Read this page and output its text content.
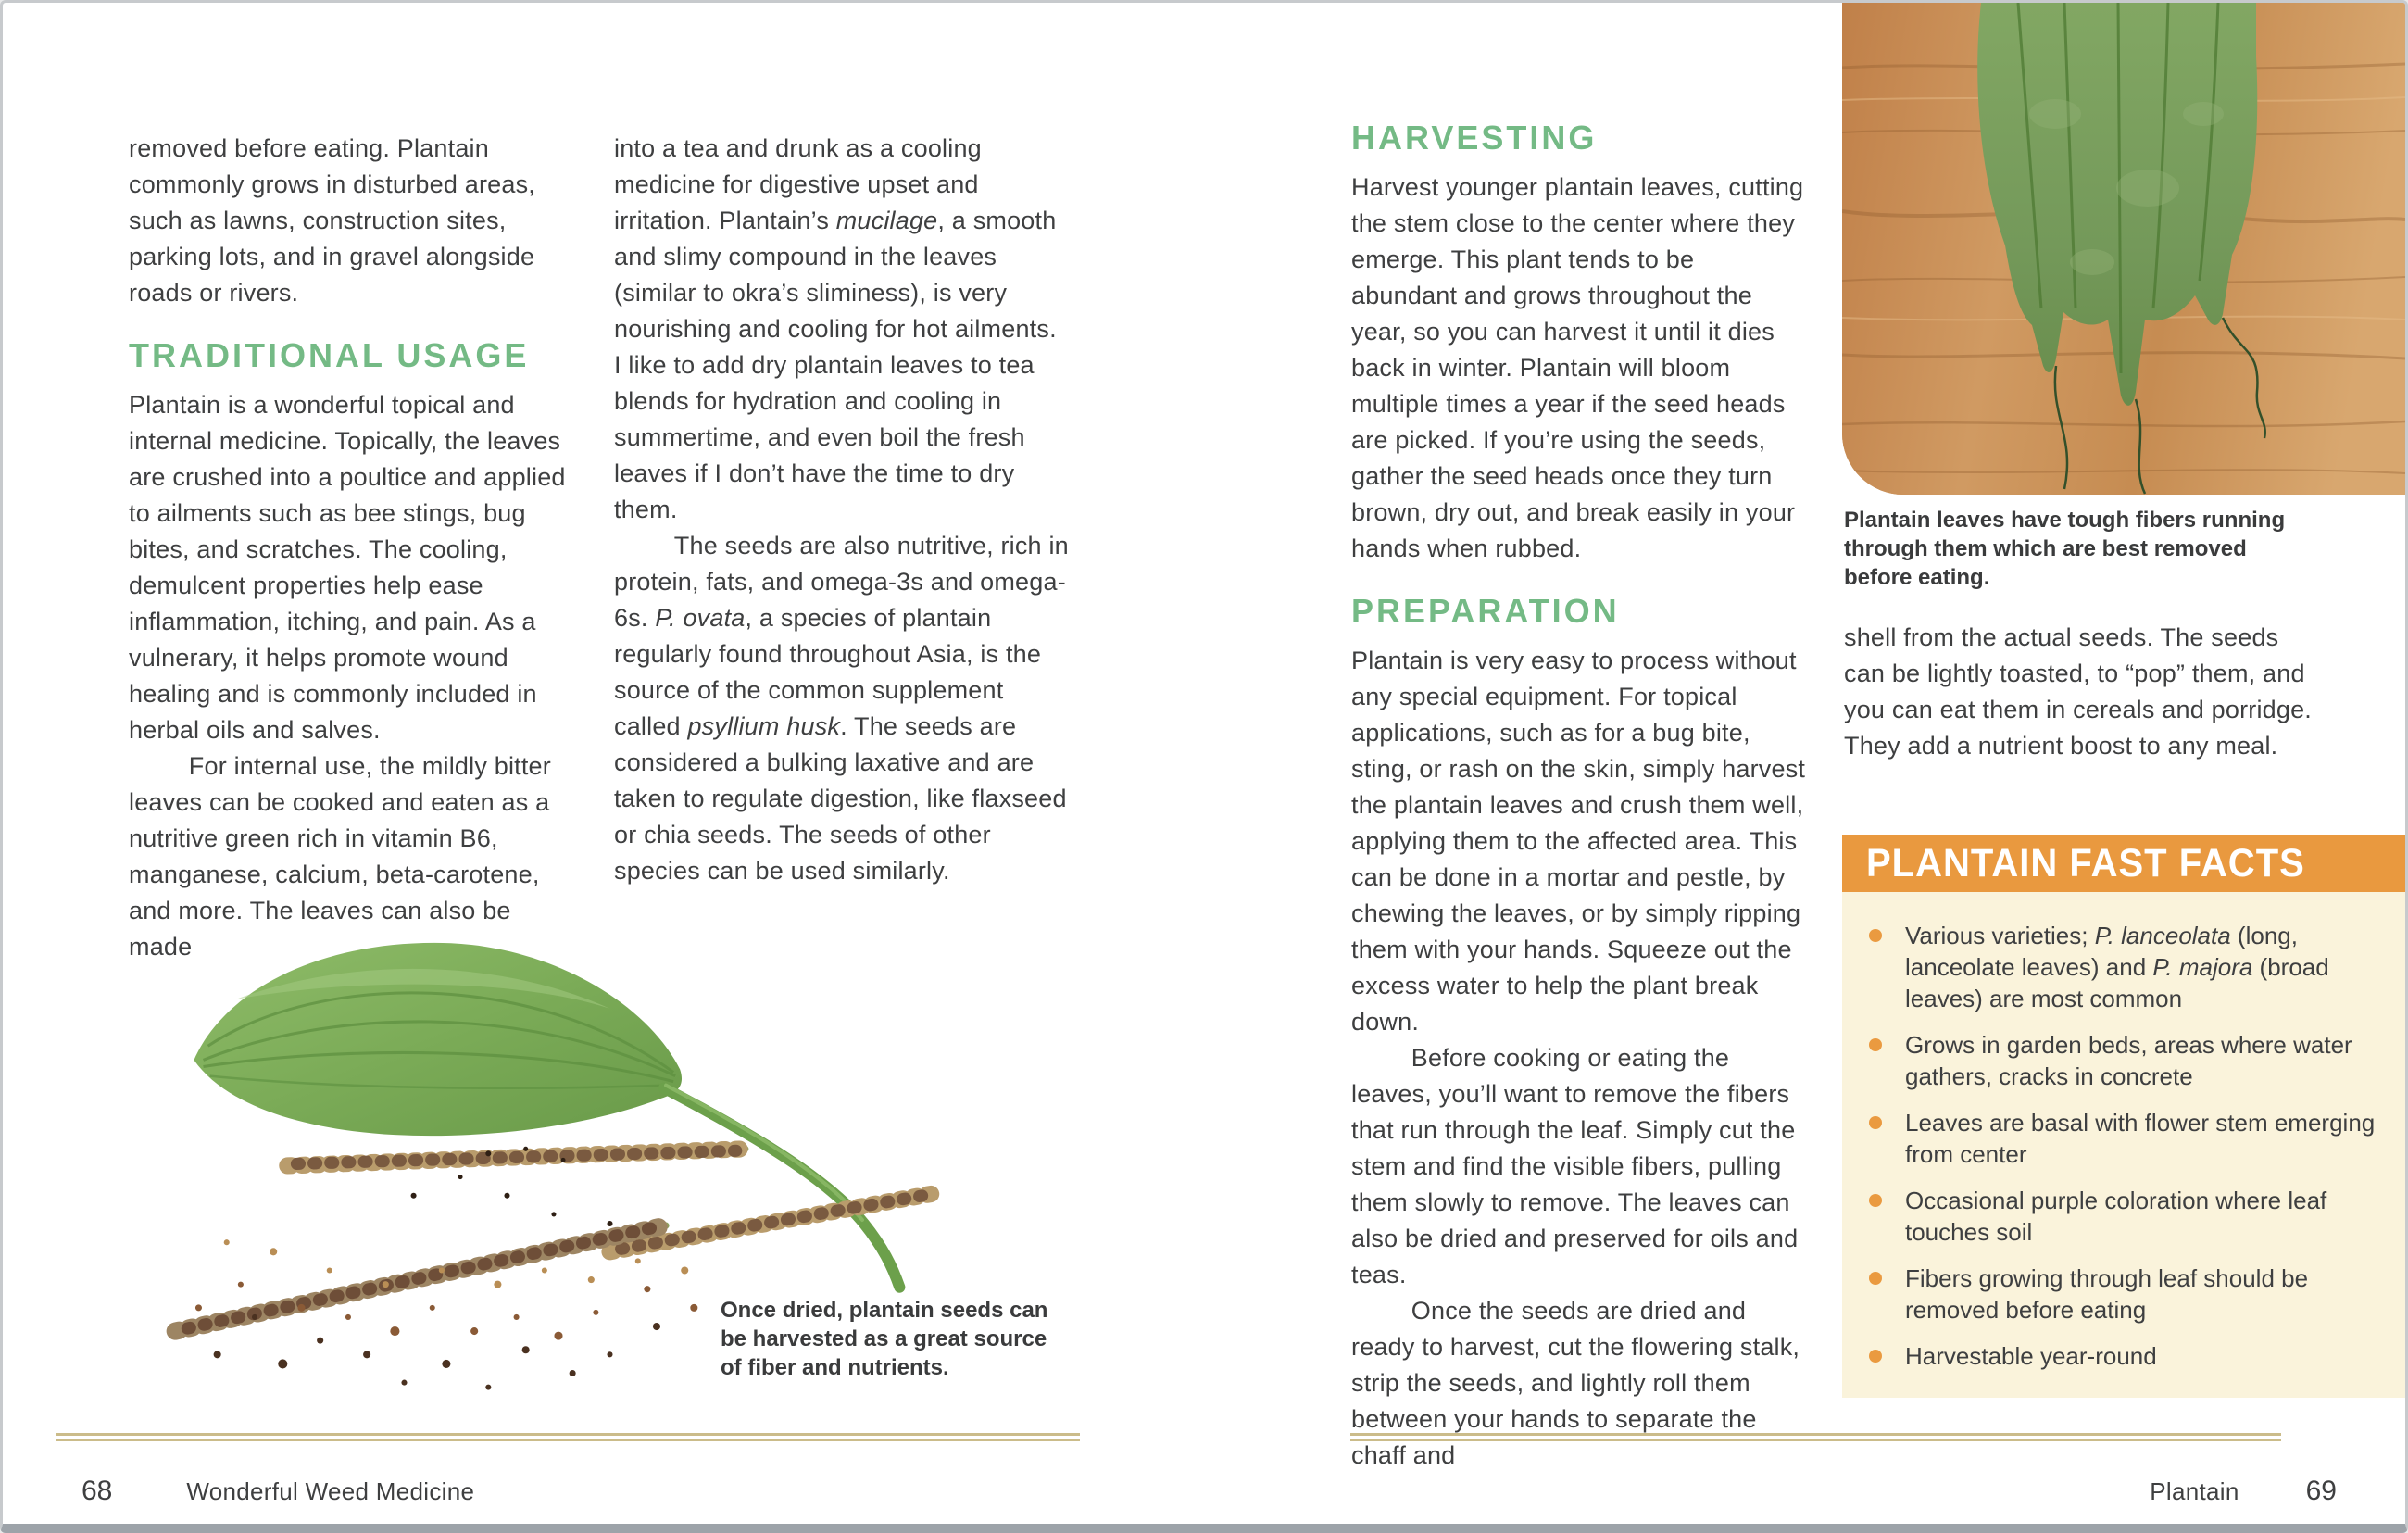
removed before eating. Plantain commonly grows in disturbed areas, such as lawns, construction sites, parking lots, and in gravel alongside roads or rivers.

TRADITIONAL USAGE

Plantain is a wonderful topical and internal medicine. Topically, the leaves are crushed into a poultice and applied to ailments such as bee stings, bug bites, and scratches. The cooling, demulcent properties help ease inflammation, itching, and pain. As a vulnerary, it helps promote wound healing and is commonly included in herbal oils and salves.

For internal use, the mildly bitter leaves can be cooked and eaten as a nutritive green rich in vitamin B6, manganese, calcium, beta-carotene, and more. The leaves can also be made

into a tea and drunk as a cooling medicine for digestive upset and irritation. Plantain’s mucilage, a smooth and slimy compound in the leaves (similar to okra’s sliminess), is very nourishing and cooling for hot ailments. I like to add dry plantain leaves to tea blends for hydration and cooling in summertime, and even boil the fresh leaves if I don’t have the time to dry them.

The seeds are also nutritive, rich in protein, fats, and omega-3s and omega-6s. P. ovata, a species of plantain regularly found throughout Asia, is the source of the common supplement called psyllium husk. The seeds are considered a bulking laxative and are taken to regulate digestion, like flaxseed or chia seeds. The seeds of other species can be used similarly.

Once dried, plantain seeds can be harvested as a great source of fiber and nutrients.
HARVESTING

Harvest younger plantain leaves, cutting the stem close to the center where they emerge. This plant tends to be abundant and grows throughout the year, so you can harvest it until it dies back in winter. Plantain will bloom multiple times a year if the seed heads are picked. If you’re using the seeds, gather the seed heads once they turn brown, dry out, and break easily in your hands when rubbed.

PREPARATION

Plantain is very easy to process without any special equipment. For topical applications, such as for a bug bite, sting, or rash on the skin, simply harvest the plantain leaves and crush them well, applying them to the affected area. This can be done in a mortar and pestle, by chewing the leaves, or by simply ripping them with your hands. Squeeze out the excess water to help the plant break down.

Before cooking or eating the leaves, you’ll want to remove the fibers that run through the leaf. Simply cut the stem and find the visible fibers, pulling them slowly to remove. The leaves can also be dried and preserved for oils and teas.

Once the seeds are dried and ready to harvest, cut the flowering stalk, strip the seeds, and lightly roll them between your hands to separate the chaff and

Plantain leaves have tough fibers running through them which are best removed before eating.

shell from the actual seeds. The seeds can be lightly toasted, to “pop” them, and you can eat them in cereals and porridge. They add a nutrient boost to any meal.

PLANTAIN FAST FACTS
Various varieties; P. lanceolata (long, lanceolate leaves) and P. majora (broad leaves) are most common
Grows in garden beds, areas where water gathers, cracks in concrete
Leaves are basal with flower stem emerging from center
Occasional purple coloration where leaf touches soil
Fibers growing through leaf should be removed before eating
Harvestable year-round
68	Wonderful Weed Medicine	Plantain 69
